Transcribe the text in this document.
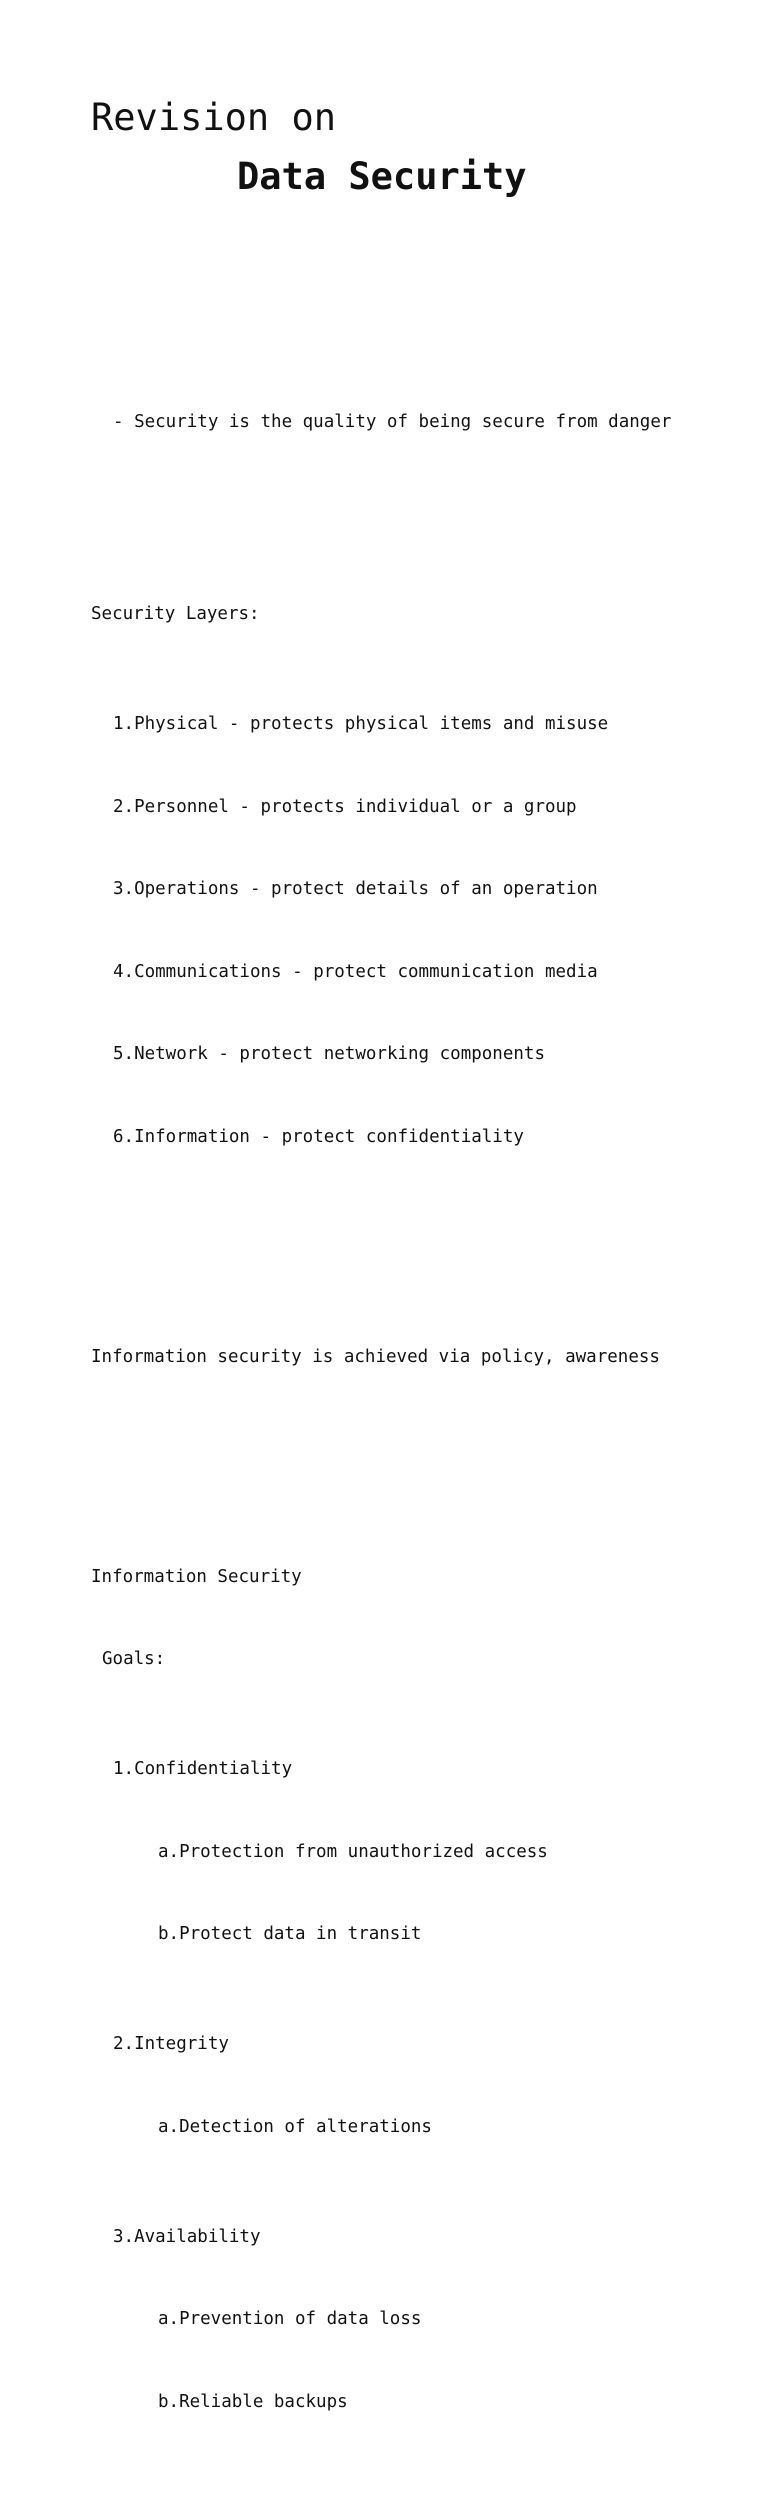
Revision on
Data Security

- Security is the quality of being secure from danger

Security Layers:

1.Physical - protects physical items and misuse

2.Personnel - protects individual or a group

3.Operations - protect details of an operation

4.Communications - protect communication media

5.Network - protect networking components

6.Information - protect confidentiality

Information security is achieved via policy, awareness

Information Security

Goals:

1.Confidentiality

a.Protection from unauthorized access

b.Protect data in transit

2.Integrity

a.Detection of alterations

3.Availability

a.Prevention of data loss

b.Reliable backups
